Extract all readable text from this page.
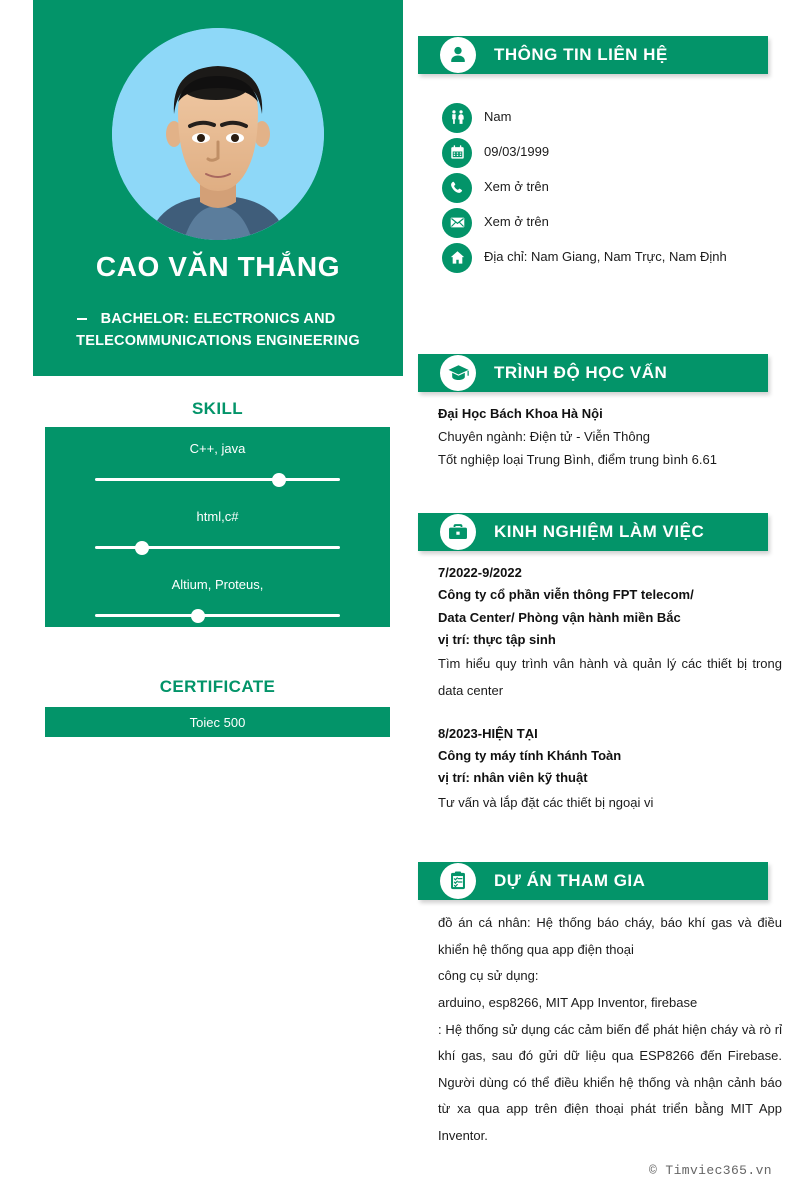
CAO VĂN THẮNG
BACHELOR: ELECTRONICS AND TELECOMMUNICATIONS ENGINEERING
SKILL
C++, java
html,c#
Altium, Proteus,
CERTIFICATE
Toiec 500
THÔNG TIN LIÊN HỆ
Nam
09/03/1999
Xem ở trên
Xem ở trên
Địa chỉ: Nam Giang, Nam Trực, Nam Định
TRÌNH ĐỘ HỌC VẤN
Đại Học Bách Khoa Hà Nội
Chuyên ngành: Điện tử - Viễn Thông
Tốt nghiệp loại Trung Bình, điểm trung bình 6.61
KINH NGHIỆM LÀM VIỆC
7/2022-9/2022
Công ty cổ phần viễn thông FPT telecom/
Data Center/ Phòng vận hành miền Bắc
vị trí: thực tập sinh
Tìm hiểu quy trình vân hành và quản lý các thiết bị trong data center
8/2023-HIỆN TẠI
Công ty máy tính Khánh Toàn
vị trí: nhân viên kỹ thuật
Tư vấn và lắp đặt các thiết bị ngoại vi
DỰ ÁN THAM GIA
đồ án cá nhân: Hệ thống báo cháy, báo khí gas và điều khiển hệ thống qua app điện thoại
công cụ sử dụng:
arduino, esp8266, MIT App Inventor, firebase
: Hệ thống sử dụng các cảm biến để phát hiện cháy và rò rỉ khí gas, sau đó gửi dữ liệu qua ESP8266 đến Firebase. Người dùng có thể điều khiển hệ thống và nhận cảnh báo từ xa qua app trên điện thoại phát triển bằng MIT App Inventor.
© Timviec365.vn
